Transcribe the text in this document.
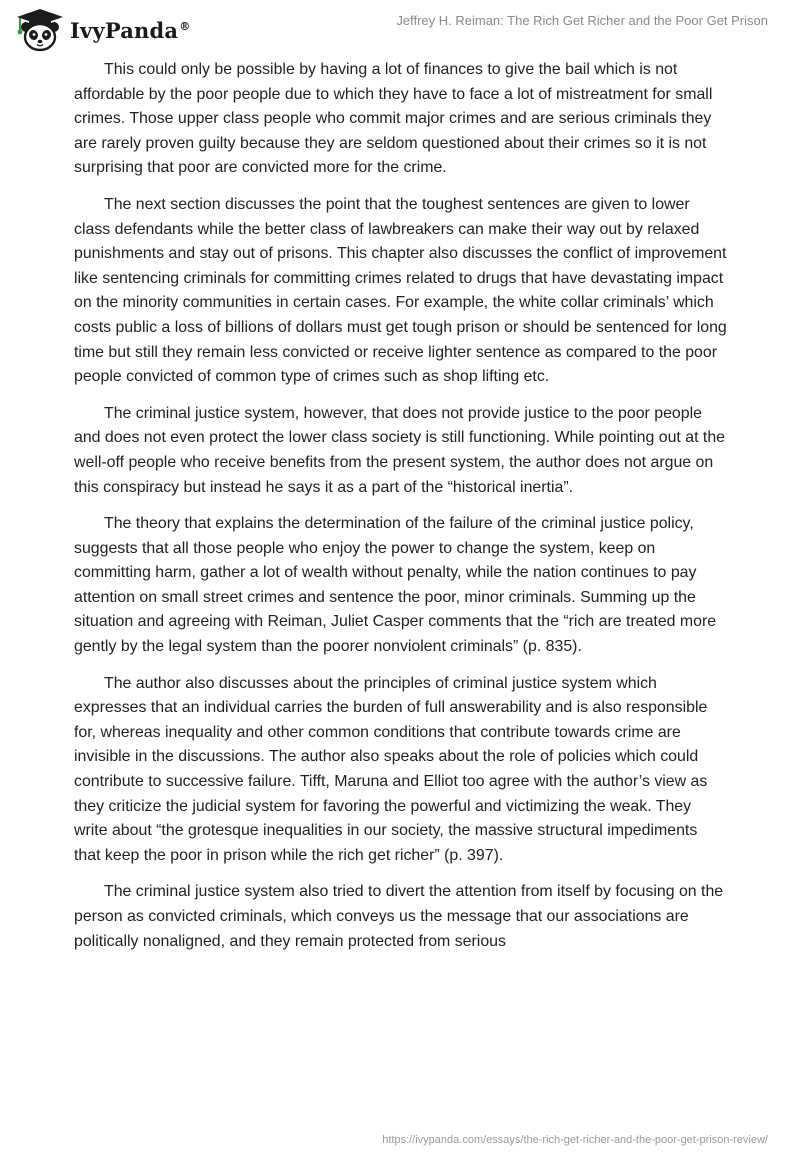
IvyPanda®	Jeffrey H. Reiman: The Rich Get Richer and the Poor Get Prison

This could only be possible by having a lot of finances to give the bail which is not affordable by the poor people due to which they have to face a lot of mistreatment for small crimes. Those upper class people who commit major crimes and are serious criminals they are rarely proven guilty because they are seldom questioned about their crimes so it is not surprising that poor are convicted more for the crime.

The next section discusses the point that the toughest sentences are given to lower class defendants while the better class of lawbreakers can make their way out by relaxed punishments and stay out of prisons. This chapter also discusses the conflict of improvement like sentencing criminals for committing crimes related to drugs that have devastating impact on the minority communities in certain cases. For example, the white collar criminals’ which costs public a loss of billions of dollars must get tough prison or should be sentenced for long time but still they remain less convicted or receive lighter sentence as compared to the poor people convicted of common type of crimes such as shop lifting etc.

The criminal justice system, however, that does not provide justice to the poor people and does not even protect the lower class society is still functioning. While pointing out at the well-off people who receive benefits from the present system, the author does not argue on this conspiracy but instead he says it as a part of the “historical inertia”.

The theory that explains the determination of the failure of the criminal justice policy, suggests that all those people who enjoy the power to change the system, keep on committing harm, gather a lot of wealth without penalty, while the nation continues to pay attention on small street crimes and sentence the poor, minor criminals. Summing up the situation and agreeing with Reiman, Juliet Casper comments that the “rich are treated more gently by the legal system than the poorer nonviolent criminals” (p. 835).

The author also discusses about the principles of criminal justice system which expresses that an individual carries the burden of full answerability and is also responsible for, whereas inequality and other common conditions that contribute towards crime are invisible in the discussions. The author also speaks about the role of policies which could contribute to successive failure. Tifft, Maruna and Elliot too agree with the author’s view as they criticize the judicial system for favoring the powerful and victimizing the weak. They write about “the grotesque inequalities in our society, the massive structural impediments that keep the poor in prison while the rich get richer” (p. 397).

The criminal justice system also tried to divert the attention from itself by focusing on the person as convicted criminals, which conveys us the message that our associations are politically nonaligned, and they remain protected from serious

https://ivypanda.com/essays/the-rich-get-richer-and-the-poor-get-prison-review/
